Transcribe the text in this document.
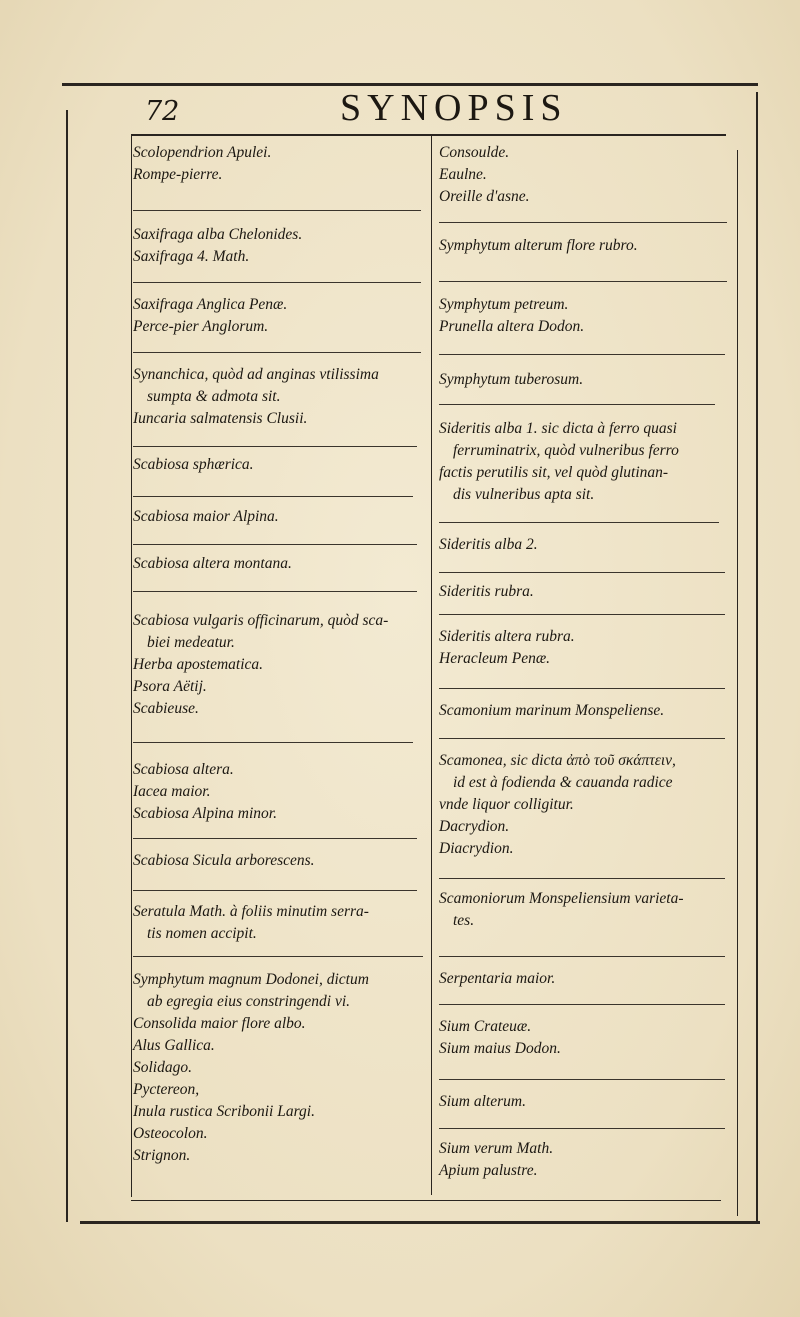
72	SYNOPSIS
Scolopendrion Apulei.
Rompe-pierre.
Saxifraga alba Chelonides.
Saxifraga 4. Math.
Saxifraga Anglica Penæ.
Perce-pier Anglorum.
Synanchica, quòd ad anginas vtilissima
sumpta & admota sit.
Iuncaria salmatensis Clusii.
Scabiosa sphærica.
Scabiosa maior Alpina.
Scabiosa altera montana.
Scabiosa vulgaris officinarum, quòd sca-
biei medeatur.
Herba apostematica.
Psora Aëtij.
Scabieuse.
Scabiosa altera.
Iacea maior.
Scabiosa Alpina minor.
Scabiosa Sicula arborescens.
Seratula Math. à foliis minutim serra-
tis nomen accipit.
Symphytum magnum Dodonei, dictum
ab egregia eius constringendi vi.
Consolida maior flore albo.
Alus Gallica.
Solidago.
Pyctereon,
Inula rustica Scribonii Largi.
Osteocolon.
Strignon.
Consoulde.
Eaulne.
Oreille d'asne.
Symphytum alterum flore rubro.
Symphytum petreum.
Prunella altera Dodon.
Symphytum tuberosum.
Sideritis alba 1. sic dicta à ferro quasi
ferruminatrix, quòd vulneribus ferro
factis perutilis sit, vel quòd glutinan-
dis vulneribus apta sit.
Sideritis alba 2.
Sideritis rubra.
Sideritis altera rubra.
Heracleum Penæ.
Scamonium marinum Monspeliense.
Scamonea, sic dicta ἀπὸ τοῦ σκάπτειν,
id est à fodienda & cauanda radice
vnde liquor colligitur.
Dacrydion.
Diacrydion.
Scamoniorum Monspeliensium varieta-
tes.
Serpentaria maior.
Sium Crateuæ.
Sium maius Dodon.
Sium alterum.
Sium verum Math.
Apium palustre.
